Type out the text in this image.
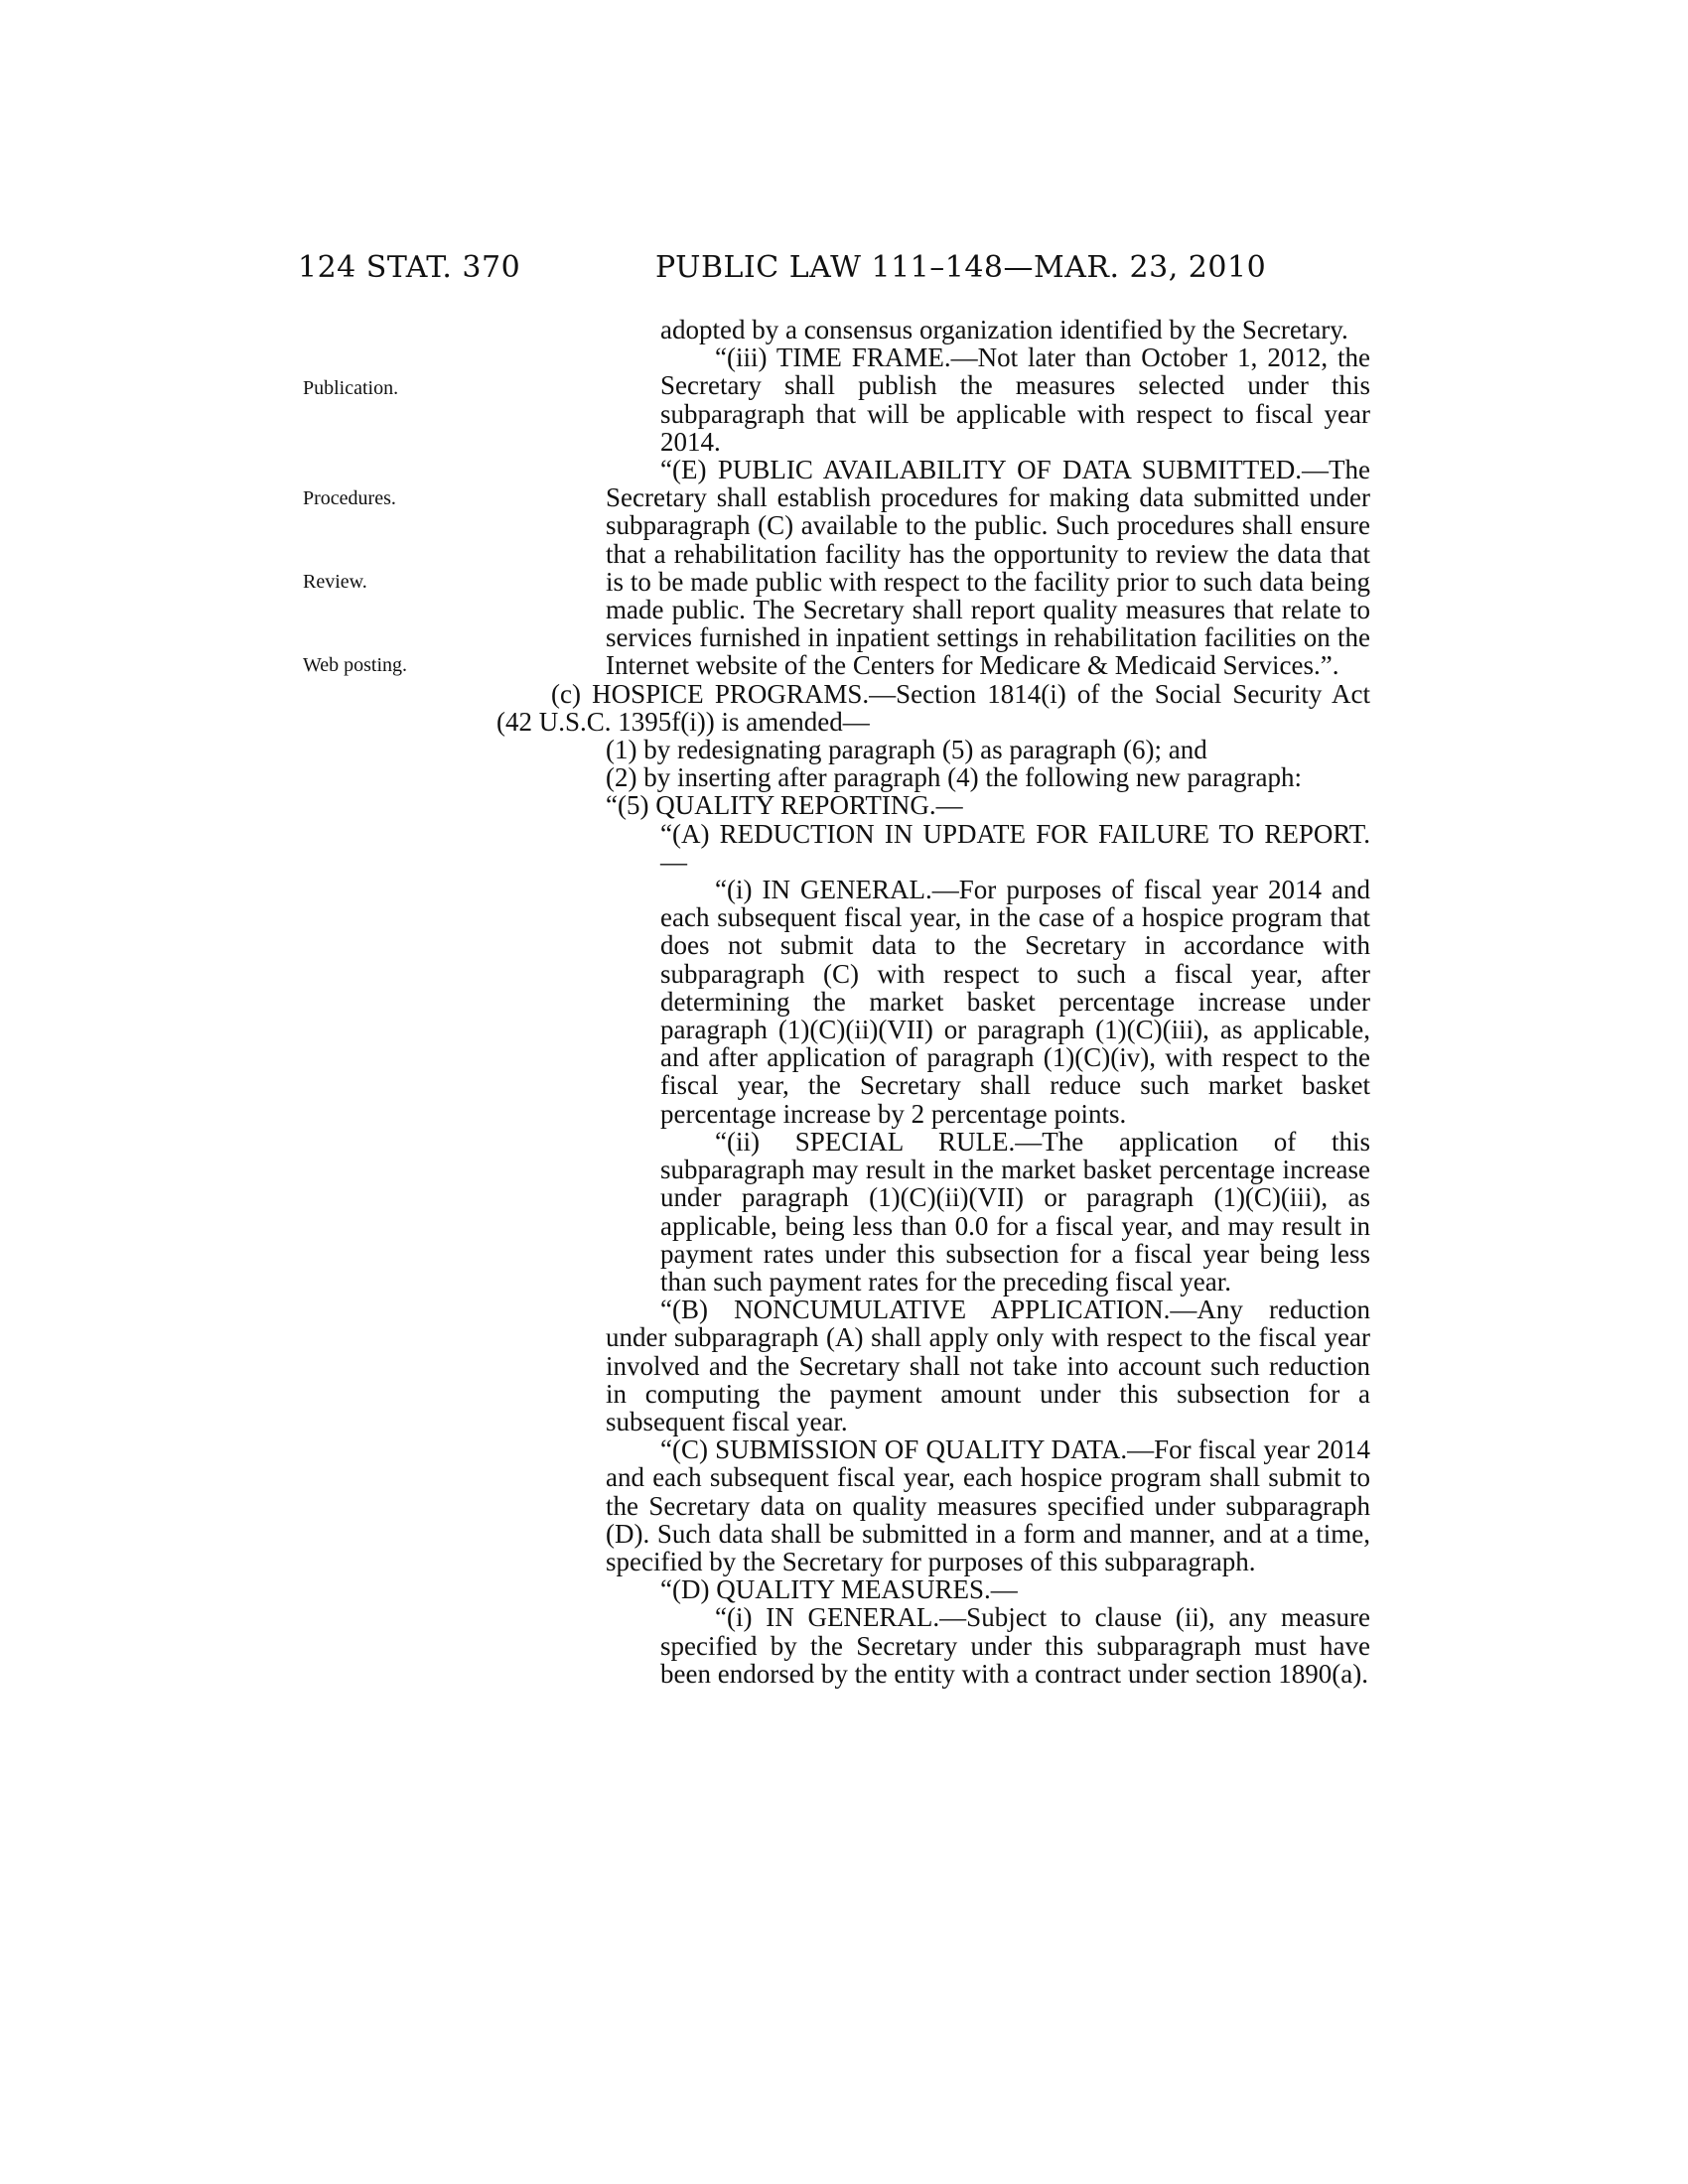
124 STAT. 370	PUBLIC LAW 111–148—MAR. 23, 2010
Publication.
Procedures.
Review.
Web posting.

adopted by a consensus organization identified by the Secretary.

“(iii) TIME FRAME.—Not later than October 1, 2012, the Secretary shall publish the measures selected under this subparagraph that will be applicable with respect to fiscal year 2014.

“(E) PUBLIC AVAILABILITY OF DATA SUBMITTED.—The Secretary shall establish procedures for making data submitted under subparagraph (C) available to the public. Such procedures shall ensure that a rehabilitation facility has the opportunity to review the data that is to be made public with respect to the facility prior to such data being made public. The Secretary shall report quality measures that relate to services furnished in inpatient settings in rehabilitation facilities on the Internet website of the Centers for Medicare & Medicaid Services.”.

(c) HOSPICE PROGRAMS.—Section 1814(i) of the Social Security Act (42 U.S.C. 1395f(i)) is amended—

(1) by redesignating paragraph (5) as paragraph (6); and

(2) by inserting after paragraph (4) the following new paragraph:

“(5) QUALITY REPORTING.—

“(A) REDUCTION IN UPDATE FOR FAILURE TO REPORT.—

“(i) IN GENERAL.—For purposes of fiscal year 2014 and each subsequent fiscal year, in the case of a hospice program that does not submit data to the Secretary in accordance with subparagraph (C) with respect to such a fiscal year, after determining the market basket percentage increase under paragraph (1)(C)(ii)(VII) or paragraph (1)(C)(iii), as applicable, and after application of paragraph (1)(C)(iv), with respect to the fiscal year, the Secretary shall reduce such market basket percentage increase by 2 percentage points.

“(ii) SPECIAL RULE.—The application of this subparagraph may result in the market basket percentage increase under paragraph (1)(C)(ii)(VII) or paragraph (1)(C)(iii), as applicable, being less than 0.0 for a fiscal year, and may result in payment rates under this subsection for a fiscal year being less than such payment rates for the preceding fiscal year.

“(B) NONCUMULATIVE APPLICATION.—Any reduction under subparagraph (A) shall apply only with respect to the fiscal year involved and the Secretary shall not take into account such reduction in computing the payment amount under this subsection for a subsequent fiscal year.

“(C) SUBMISSION OF QUALITY DATA.—For fiscal year 2014 and each subsequent fiscal year, each hospice program shall submit to the Secretary data on quality measures specified under subparagraph (D). Such data shall be submitted in a form and manner, and at a time, specified by the Secretary for purposes of this subparagraph.

“(D) QUALITY MEASURES.—

“(i) IN GENERAL.—Subject to clause (ii), any measure specified by the Secretary under this subparagraph must have been endorsed by the entity with a contract under section 1890(a).
